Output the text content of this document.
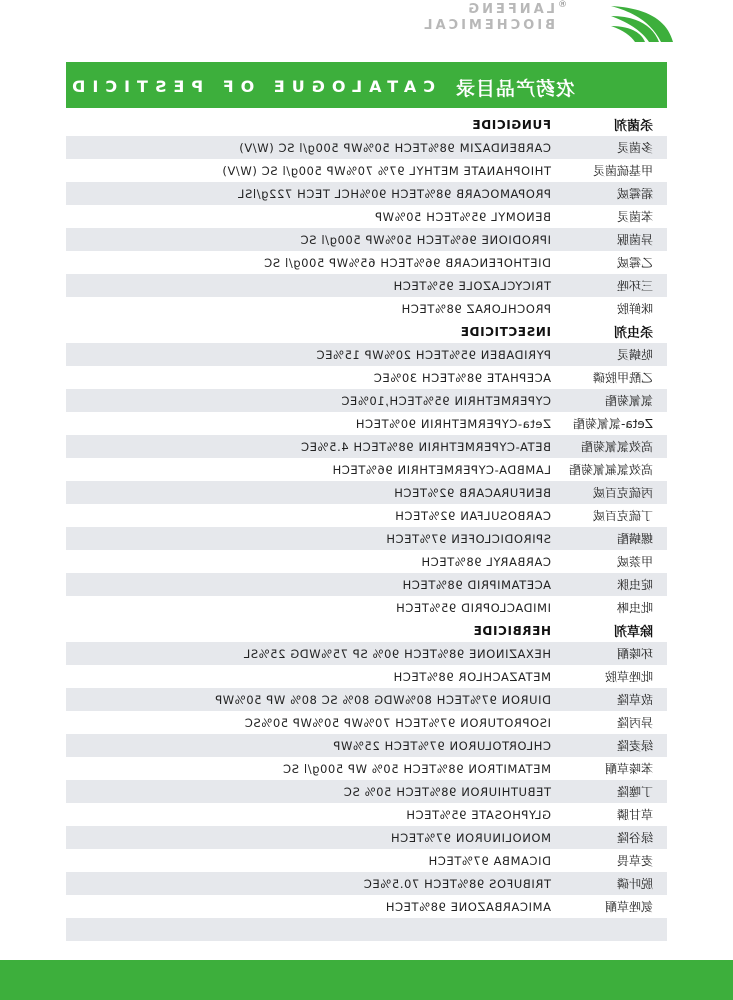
®
LANFENG
BIOCHEMICAL
农药产品目录
CATALOGUE OF PESTICIDE
杀菌剂
FUNGICIDE
多菌灵
CARBENDAZIM 98%TECH 50%WP 500g/l SC (W/V)
甲基硫菌灵
THIOPHANATE METHYL 97% 70%WP 500g/l SC (W/V)
霜霉威
PROPAMOCARB 98%TECH 90%HCL TECH 722g/lSL
苯菌灵
BENOMYL 95%TECH 50%WP
异菌脲
IPRODIONE 96%TECH 50%WP 500g/l SC
乙霉威
DIETHOFENCARB 96%TECH 65%WP 500g/l SC
三环唑
TRICYCLAZOLE 95%TECH
咪鲜胺
PROCHLORAZ 98%TECH
杀虫剂
INSECTICIDE
哒螨灵
PYRIDABEN 95%TECH 20%WP 15%EC
乙酰甲胺磷
ACEPHATE 98%TECH 30%EC
氯氰菊酯
CYPERMETHRIN 95%TECH,10%EC
Zeta-氯氰菊酯
Zeta-CYPERMETHRIN 90%TECH
高效氯氰菊酯
BETA-CYPERMETHRIN 98%TECH 4.5%EC
高效氯氟氰菊酯
LAMBDA-CYPERMETHRIN 96%TECH
丙硫克百威
BENFURACARB 92%TECH
丁硫克百威
CARBOSULFAN 92%TECH
螺螨酯
SPIRODICLOFEN 97%TECH
甲萘威
CARBARYL 98%TECH
啶虫脒
ACETAMIPRID 98%TECH
吡虫啉
IMIDACLOPRID 95%TECH
除草剂
HERBICIDE
环嗪酮
HEXAZINONE 98%TECH 90% SP 75%WDG 25%SL
吡唑草胺
METAZACHLOR 98%TECH
敌草隆
DIURON 97%TECH 80%WDG 80% SC 80% WP 50%WP
异丙隆
ISOPROTURON 97%TECH 70%WP 50%WP 50%SC
绿麦隆
CHLORTOLURON 97%TECH 25%WP
苯嗪草酮
METAMITRON 98%TECH 50% WP 500g/l SC
丁噻隆
TEBUTHIURON 98%TECH 50% SC
草甘膦
GLYPHOSATE 95%TECH
绿谷隆
MONOLINURON 97%TECH
麦草畏
DICAMBA 97%TECH
脱叶磷
TRIBUFOS 98%TECH 70.5%EC
氨唑草酮
AMICARBAZONE 98%TECH
